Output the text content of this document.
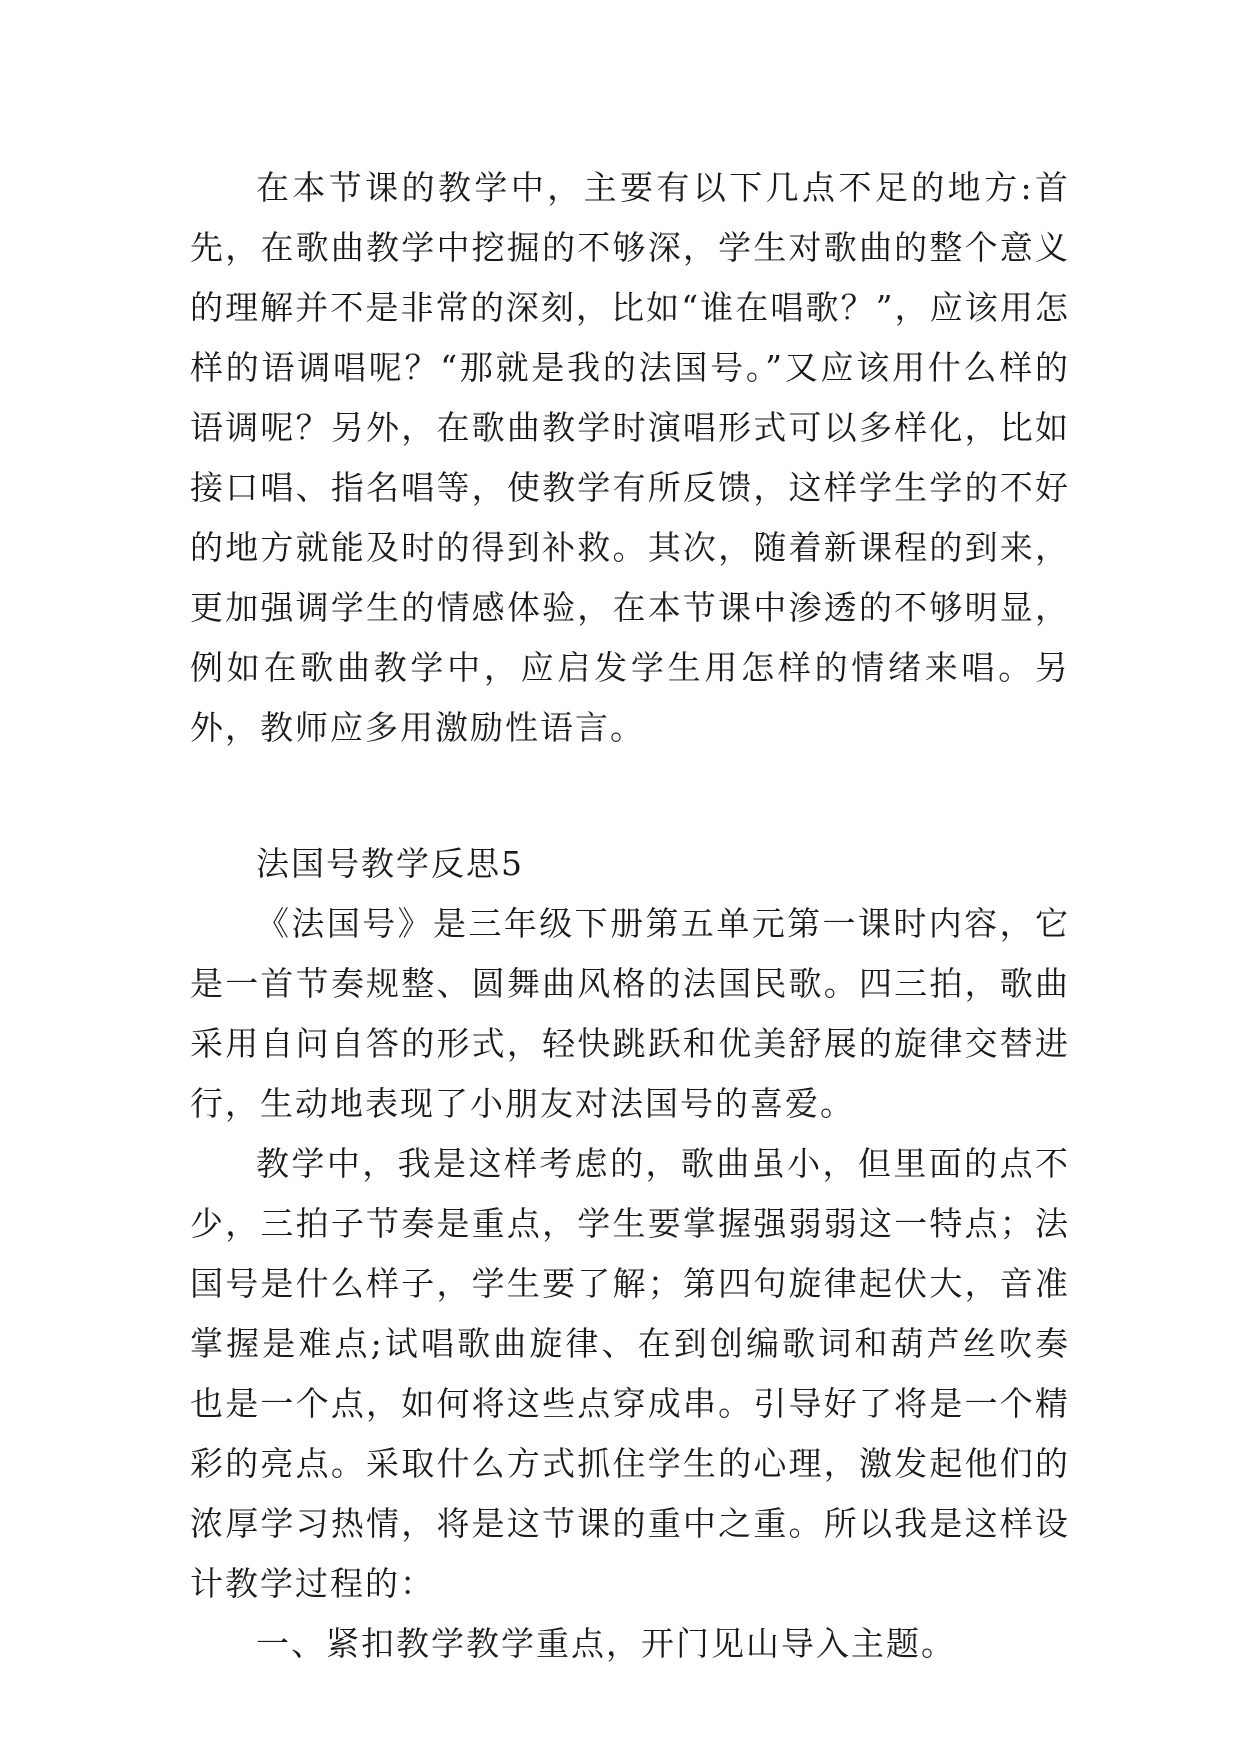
在本节课的教学中，主要有以下几点不足的地方:首先，在歌曲教学中挖掘的不够深，学生对歌曲的整个意义的理解并不是非常的深刻，比如“谁在唱歌？”，应该用怎样的语调唱呢？“那就是我的法国号。”又应该用什么样的语调呢？另外，在歌曲教学时演唱形式可以多样化，比如接口唱、指名唱等，使教学有所反馈，这样学生学的不好的地方就能及时的得到补救。其次，随着新课程的到来，更加强调学生的情感体验，在本节课中渗透的不够明显，例如在歌曲教学中，应启发学生用怎样的情绪来唱。另外，教师应多用激励性语言。

法国号教学反思5

《法国号》是三年级下册第五单元第一课时内容，它是一首节奏规整、圆舞曲风格的法国民歌。四三拍，歌曲采用自问自答的形式，轻快跳跃和优美舒展的旋律交替进行，生动地表现了小朋友对法国号的喜爱。

教学中，我是这样考虑的，歌曲虽小，但里面的点不少，三拍子节奏是重点，学生要掌握强弱弱这一特点；法国号是什么样子，学生要了解；第四句旋律起伏大，音准掌握是难点;试唱歌曲旋律、在到创编歌词和葫芦丝吹奏也是一个点，如何将这些点穿成串。引导好了将是一个精彩的亮点。采取什么方式抓住学生的心理，激发起他们的浓厚学习热情，将是这节课的重中之重。所以我是这样设计教学过程的：

一、紧扣教学教学重点，开门见山导入主题。
